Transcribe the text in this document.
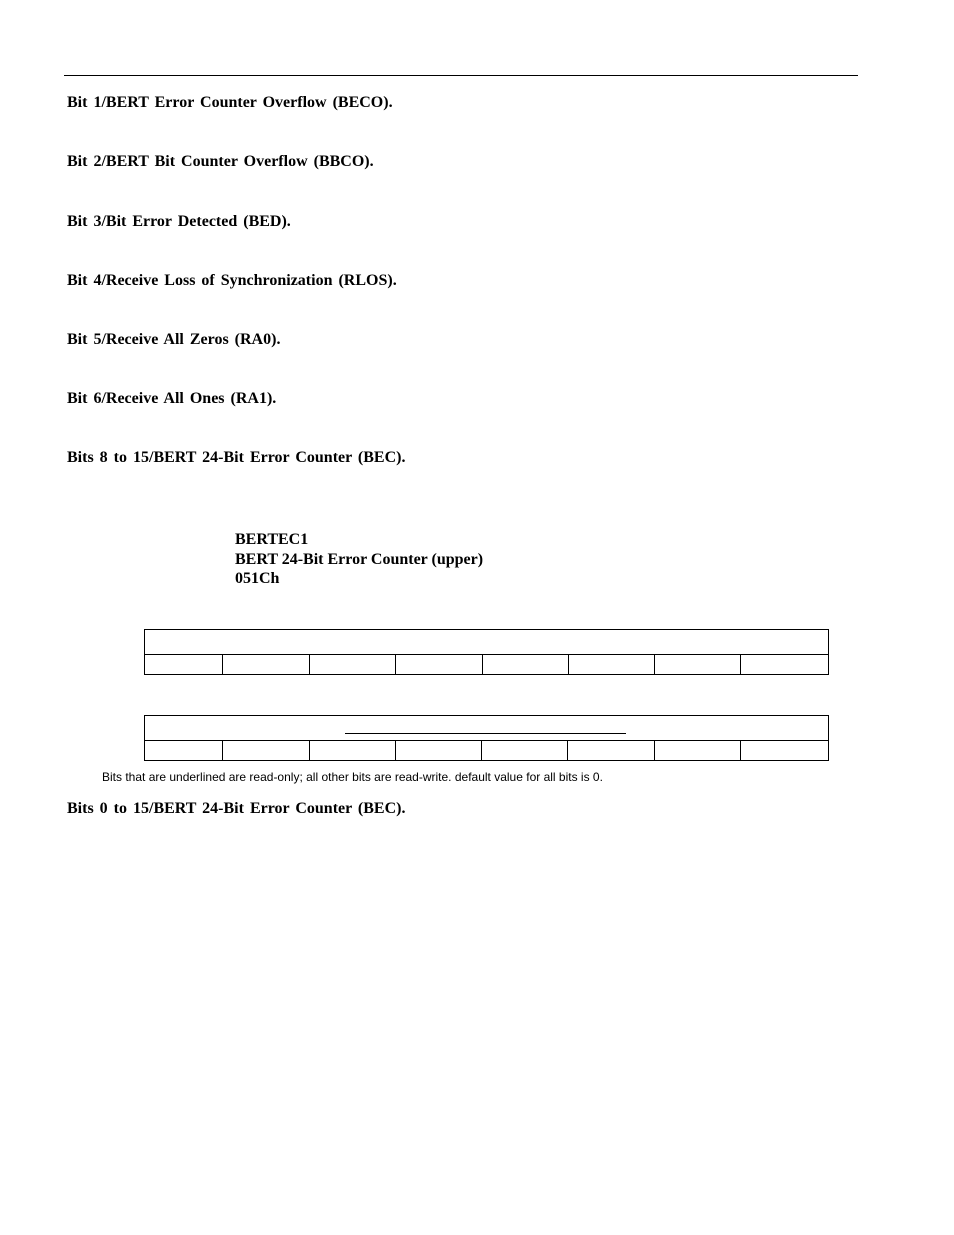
Bit 1/BERT Error Counter Overflow (BECO).
Bit 2/BERT Bit Counter Overflow (BBCO).
Bit 3/Bit Error Detected (BED).
Bit 4/Receive Loss of Synchronization (RLOS).
Bit 5/Receive All Zeros (RA0).
Bit 6/Receive All Ones (RA1).
Bits 8 to 15/BERT 24-Bit Error Counter (BEC).
BERTEC1
BERT 24-Bit Error Counter (upper)
051Ch

Bits that are underlined are read-only; all other bits are read-write. default value for all bits is 0.
Bits 0 to 15/BERT 24-Bit Error Counter (BEC).
